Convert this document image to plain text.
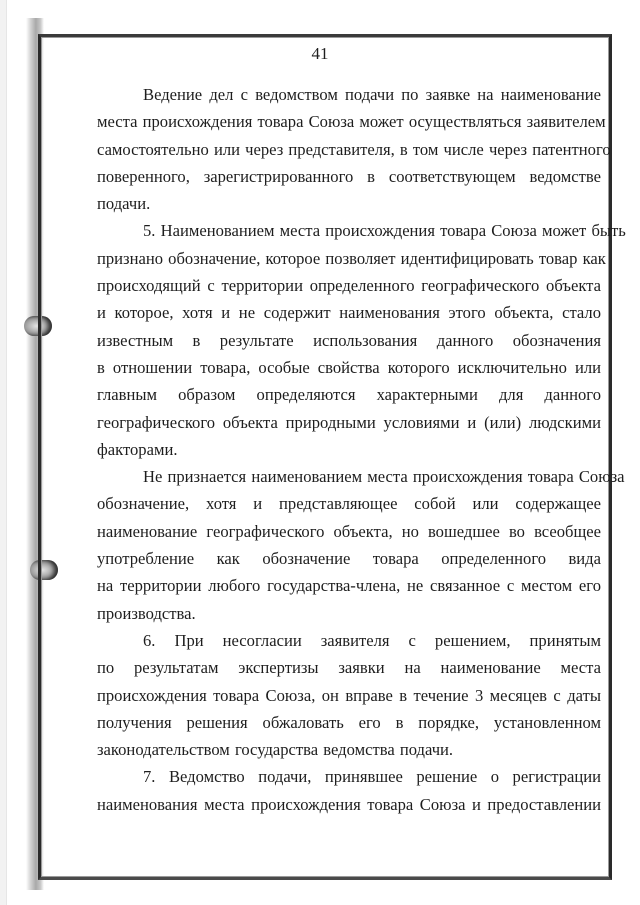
41

Ведение дел с ведомством подачи по заявке на наименование
места происхождения товара Союза может осуществляться заявителем
самостоятельно или через представителя, в том числе через патентного
поверенного, зарегистрированного в соответствующем ведомстве
подачи.

5. Наименованием места происхождения товара Союза может быть
признано обозначение, которое позволяет идентифицировать товар как
происходящий с территории определенного географического объекта
и которое, хотя и не содержит наименования этого объекта, стало
известным в результате использования данного обозначения
в отношении товара, особые свойства которого исключительно или
главным образом определяются характерными для данного
географического объекта природными условиями и (или) людскими
факторами.

Не признается наименованием места происхождения товара Союза
обозначение, хотя и представляющее собой или содержащее
наименование географического объекта, но вошедшее во всеобщее
употребление как обозначение товара определенного вида
на территории любого государства-члена, не связанное с местом его
производства.

6. При несогласии заявителя с решением, принятым
по результатам экспертизы заявки на наименование места
происхождения товара Союза, он вправе в течение 3 месяцев с даты
получения решения обжаловать его в порядке, установленном
законодательством государства ведомства подачи.

7. Ведомство подачи, принявшее решение о регистрации
наименования места происхождения товара Союза и предоставлении
